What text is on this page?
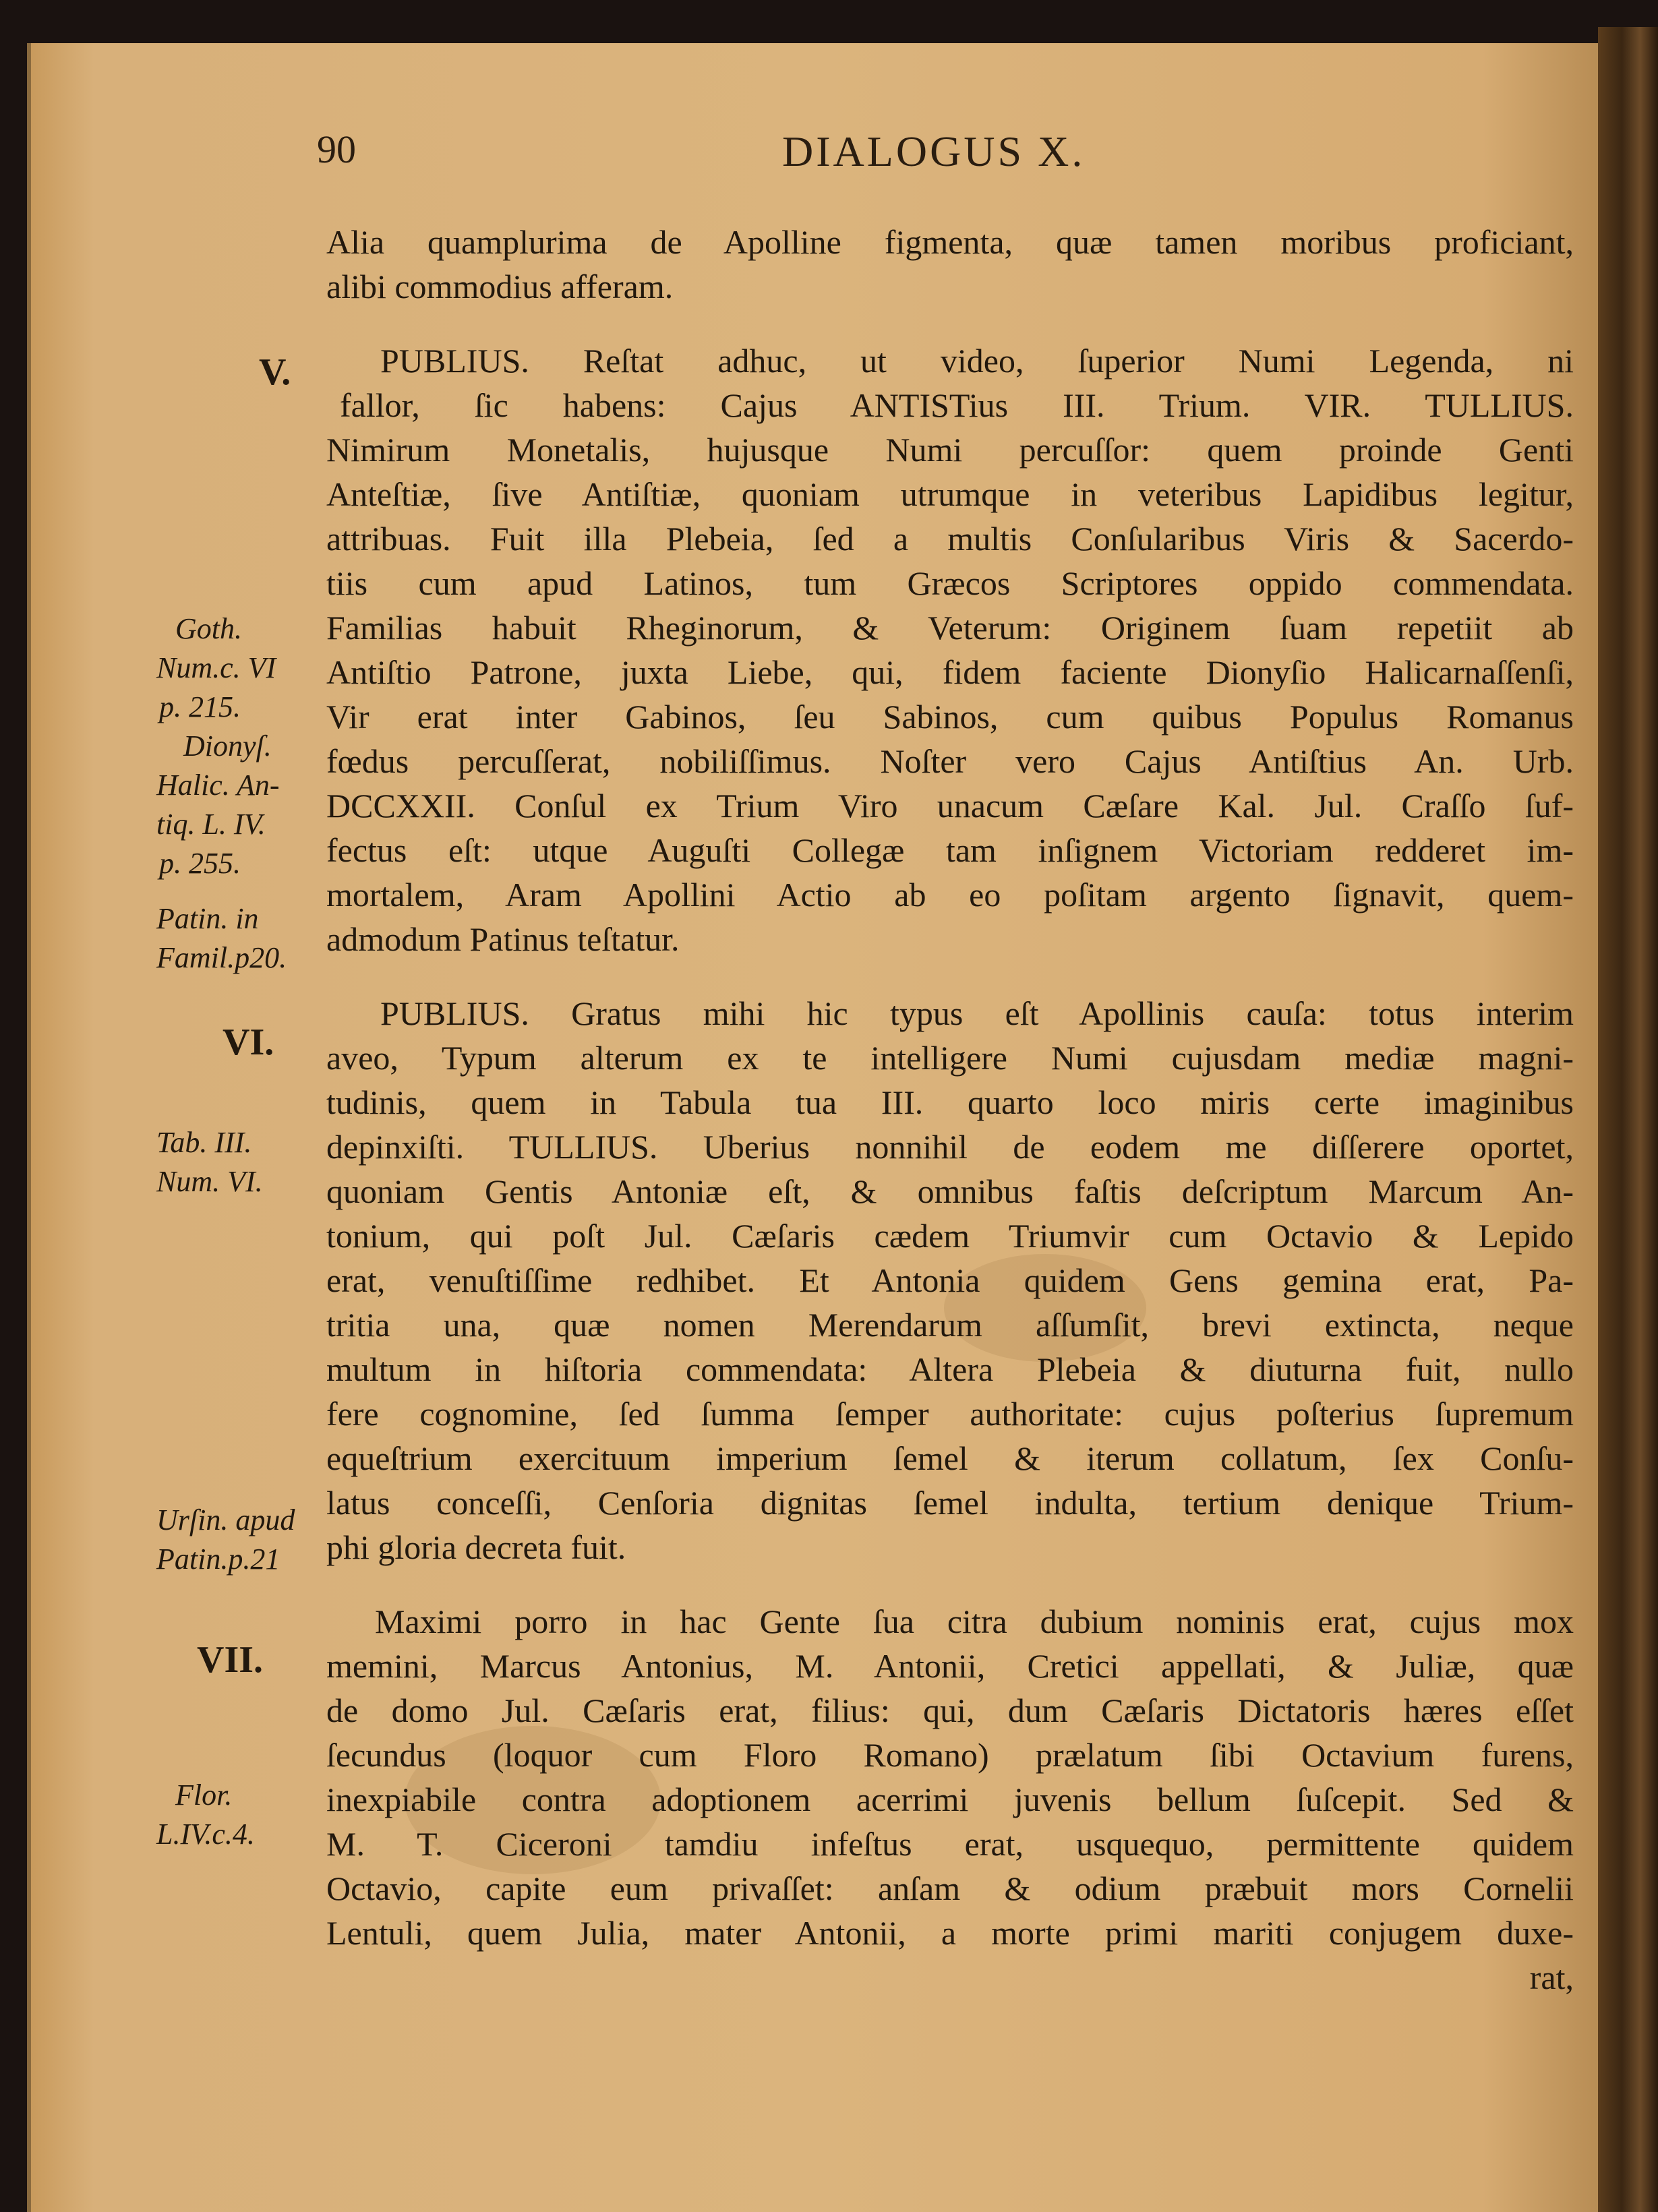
90	DIALOGUS X.
V.
VI.
VII.
Goth.
Num.c. VI
p. 215.
Dionyſ.
Halic. An-
tiq. L. IV.
p. 255.
Patin. in
Famil.p20.
Tab. III.
Num. VI.
Urſin. apud
Patin.p.21
Flor.
L.IV.c.4.
Alia quamplurima de Apolline figmenta, quæ tamen moribus proficiant,
alibi commodius afferam.
PUBLIUS. Reſtat adhuc, ut video, ſuperior Numi Legenda, ni
fallor, ſic habens: Cajus ANTISTius III. Trium. VIR. TULLIUS.
Nimirum Monetalis, hujusque Numi percuſſor: quem proinde Genti
Anteſtiæ, ſive Antiſtiæ, quoniam utrumque in veteribus Lapidibus legitur,
attribuas. Fuit illa Plebeia, ſed a multis Conſularibus Viris & Sacerdo-
tiis cum apud Latinos, tum Græcos Scriptores oppido commendata.
Familias habuit Rheginorum, & Veterum: Originem ſuam repetiit ab
Antiſtio Patrone, juxta Liebe, qui, fidem faciente Dionyſio Halicarnaſſenſi,
Vir erat inter Gabinos, ſeu Sabinos, cum quibus Populus Romanus
fœdus percuſſerat, nobiliſſimus. Noſter vero Cajus Antiſtius An. Urb.
DCCXXII. Conſul ex Trium Viro unacum Cæſare Kal. Jul. Craſſo ſuf-
fectus eſt: utque Auguſti Collegæ tam inſignem Victoriam redderet im-
mortalem, Aram Apollini Actio ab eo poſitam argento ſignavit, quem-
admodum Patinus teſtatur.
PUBLIUS. Gratus mihi hic typus eſt Apollinis cauſa: totus interim
aveo, Typum alterum ex te intelligere Numi cujusdam mediæ magni-
tudinis, quem in Tabula tua III. quarto loco miris certe imaginibus
depinxiſti. TULLIUS. Uberius nonnihil de eodem me diſſerere oportet,
quoniam Gentis Antoniæ eſt, & omnibus faſtis deſcriptum Marcum An-
tonium, qui poſt Jul. Cæſaris cædem Triumvir cum Octavio & Lepido
erat, venuſtiſſime redhibet. Et Antonia quidem Gens gemina erat, Pa-
tritia una, quæ nomen Merendarum aſſumſit, brevi extincta, neque
multum in hiſtoria commendata: Altera Plebeia & diuturna fuit, nullo
fere cognomine, ſed ſumma ſemper authoritate: cujus poſterius ſupremum
equeſtrium exercituum imperium ſemel & iterum collatum, ſex Conſu-
latus conceſſi, Cenſoria dignitas ſemel indulta, tertium denique Trium-
phi gloria decreta fuit.
Maximi porro in hac Gente ſua citra dubium nominis erat, cujus mox
memini, Marcus Antonius, M. Antonii, Cretici appellati, & Juliæ, quæ
de domo Jul. Cæſaris erat, filius: qui, dum Cæſaris Dictatoris hæres eſſet
ſecundus (loquor cum Floro Romano) prælatum ſibi Octavium furens,
inexpiabile contra adoptionem acerrimi juvenis bellum ſuſcepit. Sed &
M. T. Ciceroni tamdiu infeſtus erat, usquequo, permittente quidem
Octavio, capite eum privaſſet: anſam & odium præbuit mors Cornelii
Lentuli, quem Julia, mater Antonii, a morte primi mariti conjugem duxe-
rat,
